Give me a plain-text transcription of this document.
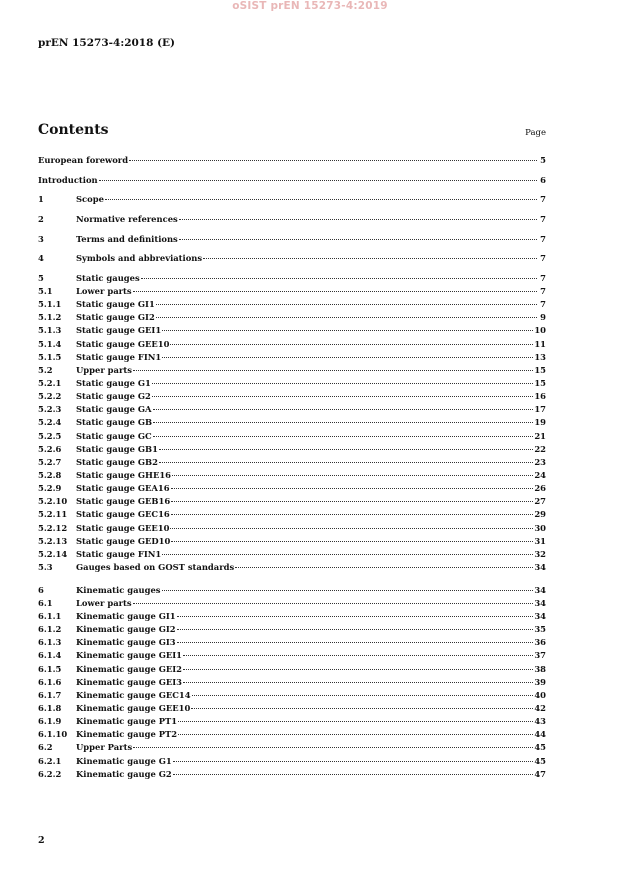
oSIST prEN 15273-4:2019
prEN 15273-4:2018 (E)
Contents	Page
European foreword	5
Introduction	6
1	Scope	7
2	Normative references	7
3	Terms and definitions	7
4	Symbols and abbreviations	7
5	Static gauges	7
5.1	Lower parts	7
5.1.1	Static gauge GI1	7
5.1.2	Static gauge GI2	9
5.1.3	Static gauge GEI1	10
5.1.4	Static gauge GEE10	11
5.1.5	Static gauge FIN1	13
5.2	Upper parts	15
5.2.1	Static gauge G1	15
5.2.2	Static gauge G2	16
5.2.3	Static gauge GA	17
5.2.4	Static gauge GB	19
5.2.5	Static gauge GC	21
5.2.6	Static gauge GB1	22
5.2.7	Static gauge GB2	23
5.2.8	Static gauge GHE16	24
5.2.9	Static gauge GEA16	26
5.2.10	Static gauge GEB16	27
5.2.11	Static gauge GEC16	29
5.2.12	Static gauge GEE10	30
5.2.13	Static gauge GED10	31
5.2.14	Static gauge FIN1	32
5.3	Gauges based on GOST standards	34
6	Kinematic gauges	34
6.1	Lower parts	34
6.1.1	Kinematic gauge GI1	34
6.1.2	Kinematic gauge GI2	35
6.1.3	Kinematic gauge GI3	36
6.1.4	Kinematic gauge GEI1	37
6.1.5	Kinematic gauge GEI2	38
6.1.6	Kinematic gauge GEI3	39
6.1.7	Kinematic gauge GEC14	40
6.1.8	Kinematic gauge GEE10	42
6.1.9	Kinematic gauge PT1	43
6.1.10	Kinematic gauge PT2	44
6.2	Upper Parts	45
6.2.1	Kinematic gauge G1	45
6.2.2	Kinematic gauge G2	47
2
